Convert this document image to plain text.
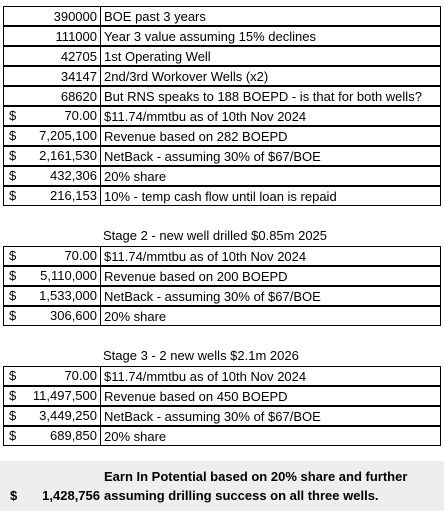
390000 BOE past 3 years
111000 Year 3 value assuming 15% declines
42705 1st Operating Well
34147 2nd/3rd Workover Wells (x2)
68620 But RNS speaks to 188 BOEPD - is that for both wells?
$	70.00 $11.74/mmtbu as of 10th Nov 2024
$	7,205,100 Revenue based on 282 BOEPD
$	2,161,530 NetBack - assuming 30% of $67/BOE
$	432,306 20% share
$	216,153 10% - temp cash flow until loan is repaid
Stage 2 - new well drilled $0.85m 2025
$	70.00 $11.74/mmtbu as of 10th Nov 2024
$	5,110,000 Revenue based on 200 BOEPD
$	1,533,000 NetBack - assuming 30% of $67/BOE
$	306,600 20% share
Stage 3 - 2 new wells $2.1m 2026
$	70.00 $11.74/mmtbu as of 10th Nov 2024
$	11,497,500 Revenue based on 450 BOEPD
$	3,449,250 NetBack - assuming 30% of $67/BOE
$	689,850 20% share
$	1,428,756
Earn In Potential based on 20% share and further
assuming drilling success on all three wells.
